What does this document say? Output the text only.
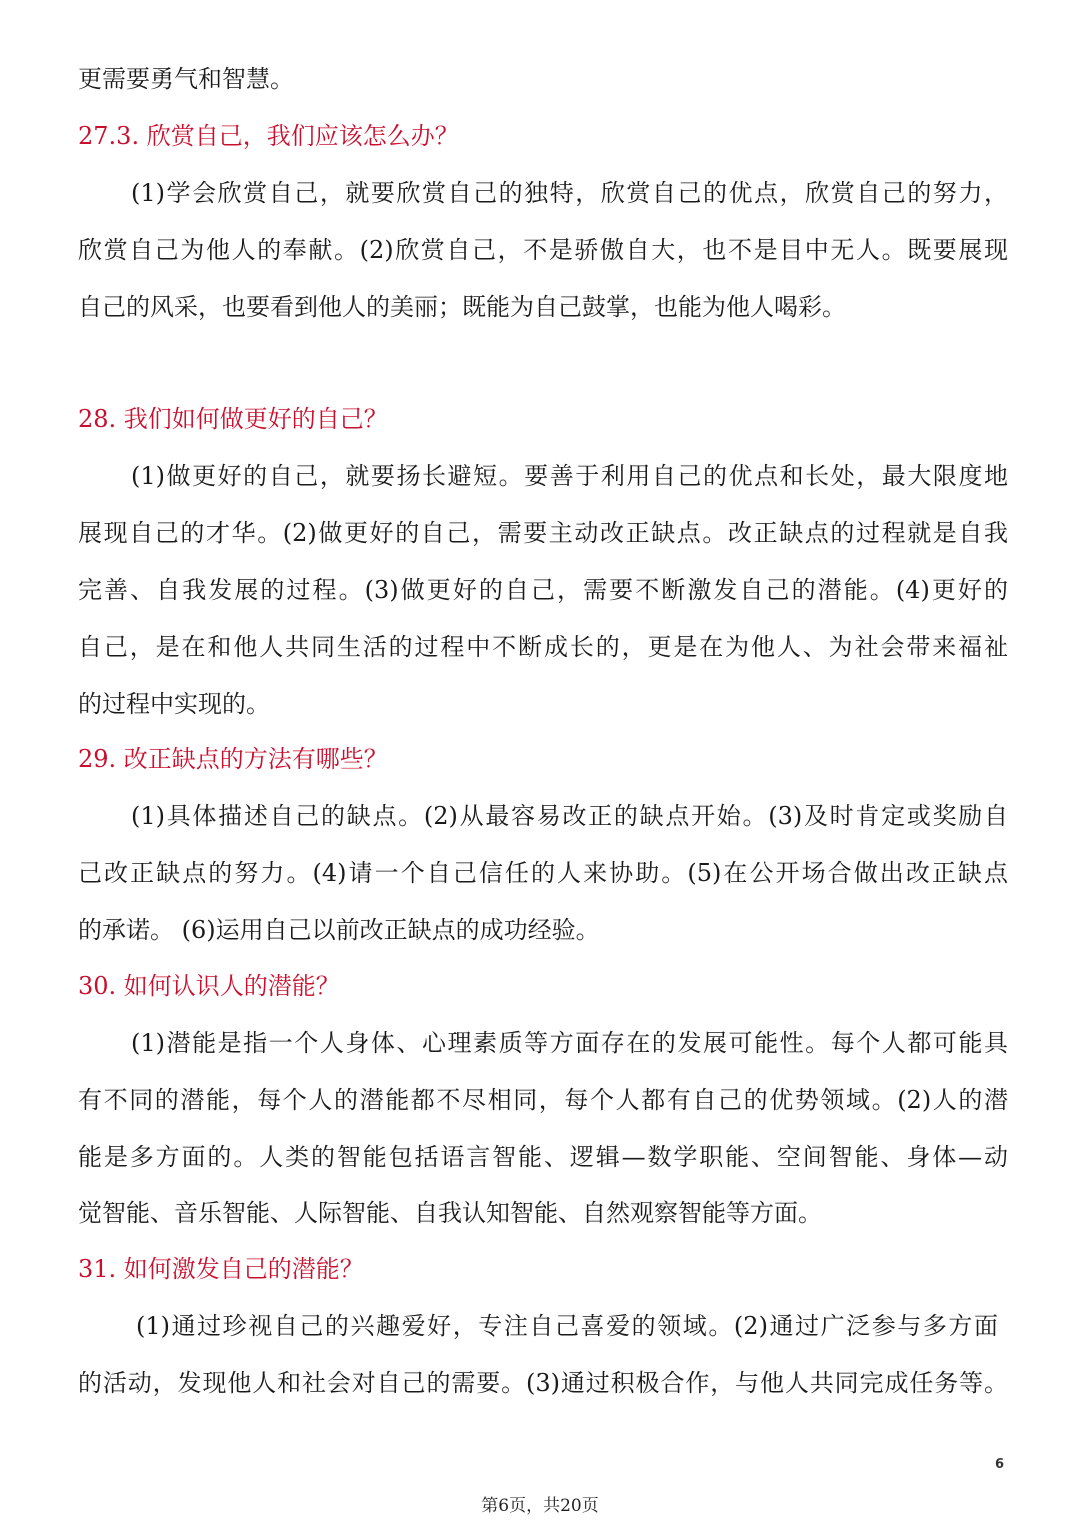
更需要勇气和智慧。
27.3. 欣赏自己，我们应该怎么办？
(1)学会欣赏自己，就要欣赏自己的独特，欣赏自己的优点，欣赏自己的努力，
欣赏自己为他人的奉献。(2)欣赏自己，不是骄傲自大，也不是目中无人。既要展现
自己的风采，也要看到他人的美丽；既能为自己鼓掌，也能为他人喝彩。
28. 我们如何做更好的自己？
(1)做更好的自己，就要扬长避短。要善于利用自己的优点和长处，最大限度地
展现自己的才华。(2)做更好的自己，需要主动改正缺点。改正缺点的过程就是自我
完善、自我发展的过程。(3)做更好的自己，需要不断激发自己的潜能。(4)更好的
自己，是在和他人共同生活的过程中不断成长的，更是在为他人、为社会带来福祉
的过程中实现的。
29. 改正缺点的方法有哪些？
(1)具体描述自己的缺点。(2)从最容易改正的缺点开始。(3)及时肯定或奖励自
己改正缺点的努力。(4)请一个自己信任的人来协助。(5)在公开场合做出改正缺点
的承诺。 (6)运用自己以前改正缺点的成功经验。
30. 如何认识人的潜能？
(1)潜能是指一个人身体、心理素质等方面存在的发展可能性。每个人都可能具
有不同的潜能，每个人的潜能都不尽相同，每个人都有自己的优势领域。(2)人的潜
能是多方面的。人类的智能包括语言智能、逻辑—数学职能、空间智能、身体—动
觉智能、音乐智能、人际智能、自我认知智能、自然观察智能等方面。
31. 如何激发自己的潜能？
(1)通过珍视自己的兴趣爱好，专注自己喜爱的领域。(2)通过广泛参与多方面
的活动，发现他人和社会对自己的需要。(3)通过积极合作，与他人共同完成任务等。
6
第6页，共20页
